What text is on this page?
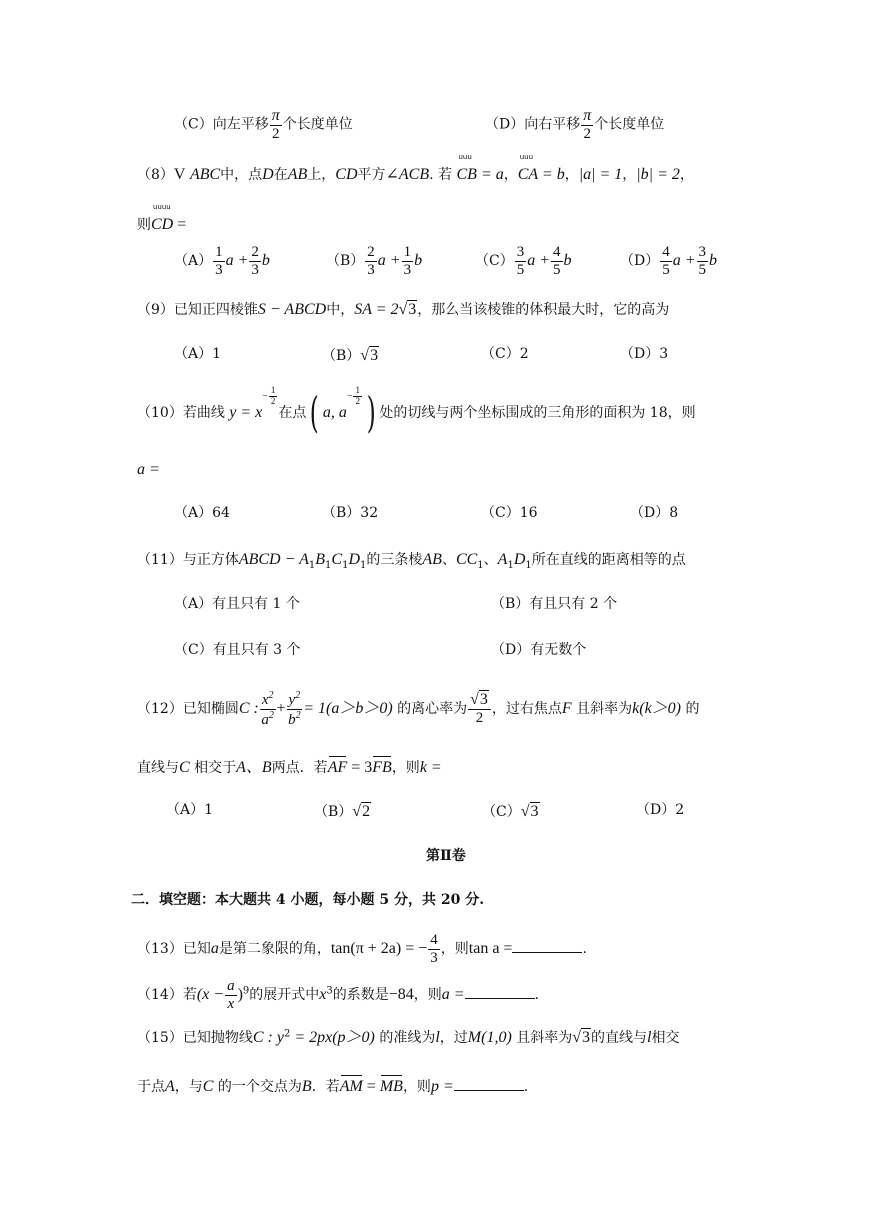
（C）向左平移 $\frac{\pi}{2}$ 个长度单位	（D）向右平移 $\frac{\pi}{2}$ 个长度单位
（8）V ABC中，点D在AB上，CD平方∠ACB. 若
uuu
CB = a，
uuu
CA = b，|a| = 1，|b| = 2，
则
uuuu
CD =
$(A) \frac{1}{3}$ $a + \frac{2}{3}$ b	$(B) \frac{2}{3}$ $a + \frac{1}{3}$ b	$(C) \frac{3}{5}$ $a + \frac{4}{5}$ b	$(D) \frac{4}{5}$ $a + \frac{3}{5}$ b
（9）已知正四棱锥S − ABCD中，SA = 2√3，那么当该棱锥的体积最大时，它的高为
（A）1	（B）√3	（C）2	（D）3
（10）若曲线 $y = x- \frac{1}{2}$
在点( a, $a- \frac{1}{2}$ ) 处的切线与两个坐标围成的三角形的面积为 18，则
a =
（A）64	（B）32	（C）16	（D）8
（11）与正方体ABCD − $A_1B_1C_1D_1$的三条棱AB、$CC_1$、$A_1D_1$所在直线的距离相等的点
（A）有且只有 1 个	（B）有且只有 2 个
（C）有且只有 3 个	（D）有无数个
（12）已知椭圆C : $\frac{x^2}{a^2} + \frac{y^2}{b^2} = 1(a>b>0)$ 的离心率为 $\frac{√3}{2}$ ，过右焦点F 且斜率为k(k＞0) 的
直线与C 相交于A、B两点．若AF = 3FB，则k =
（A）1	（B）√2	（C）√3	（D）2
第Ⅱ卷
二．填空题：本大题共 4 小题，每小题 5 分，共 20 分.
（13）已知a是第二象限的角，tan(π + 2a) = − $\frac{4}{3}$ ，则tan a =	.
（14）若$(x - \frac{a}{x} )^9$的展开式中$x^3$的系数是−84，则a =	.
（15）已知抛物线C : $y^2 = 2px(p>0)$ 的准线为l，过M(1,0) 且斜率为√3的直线与l相交
于点A，与C 的一个交点为B．若AM = MB，则p =	.
